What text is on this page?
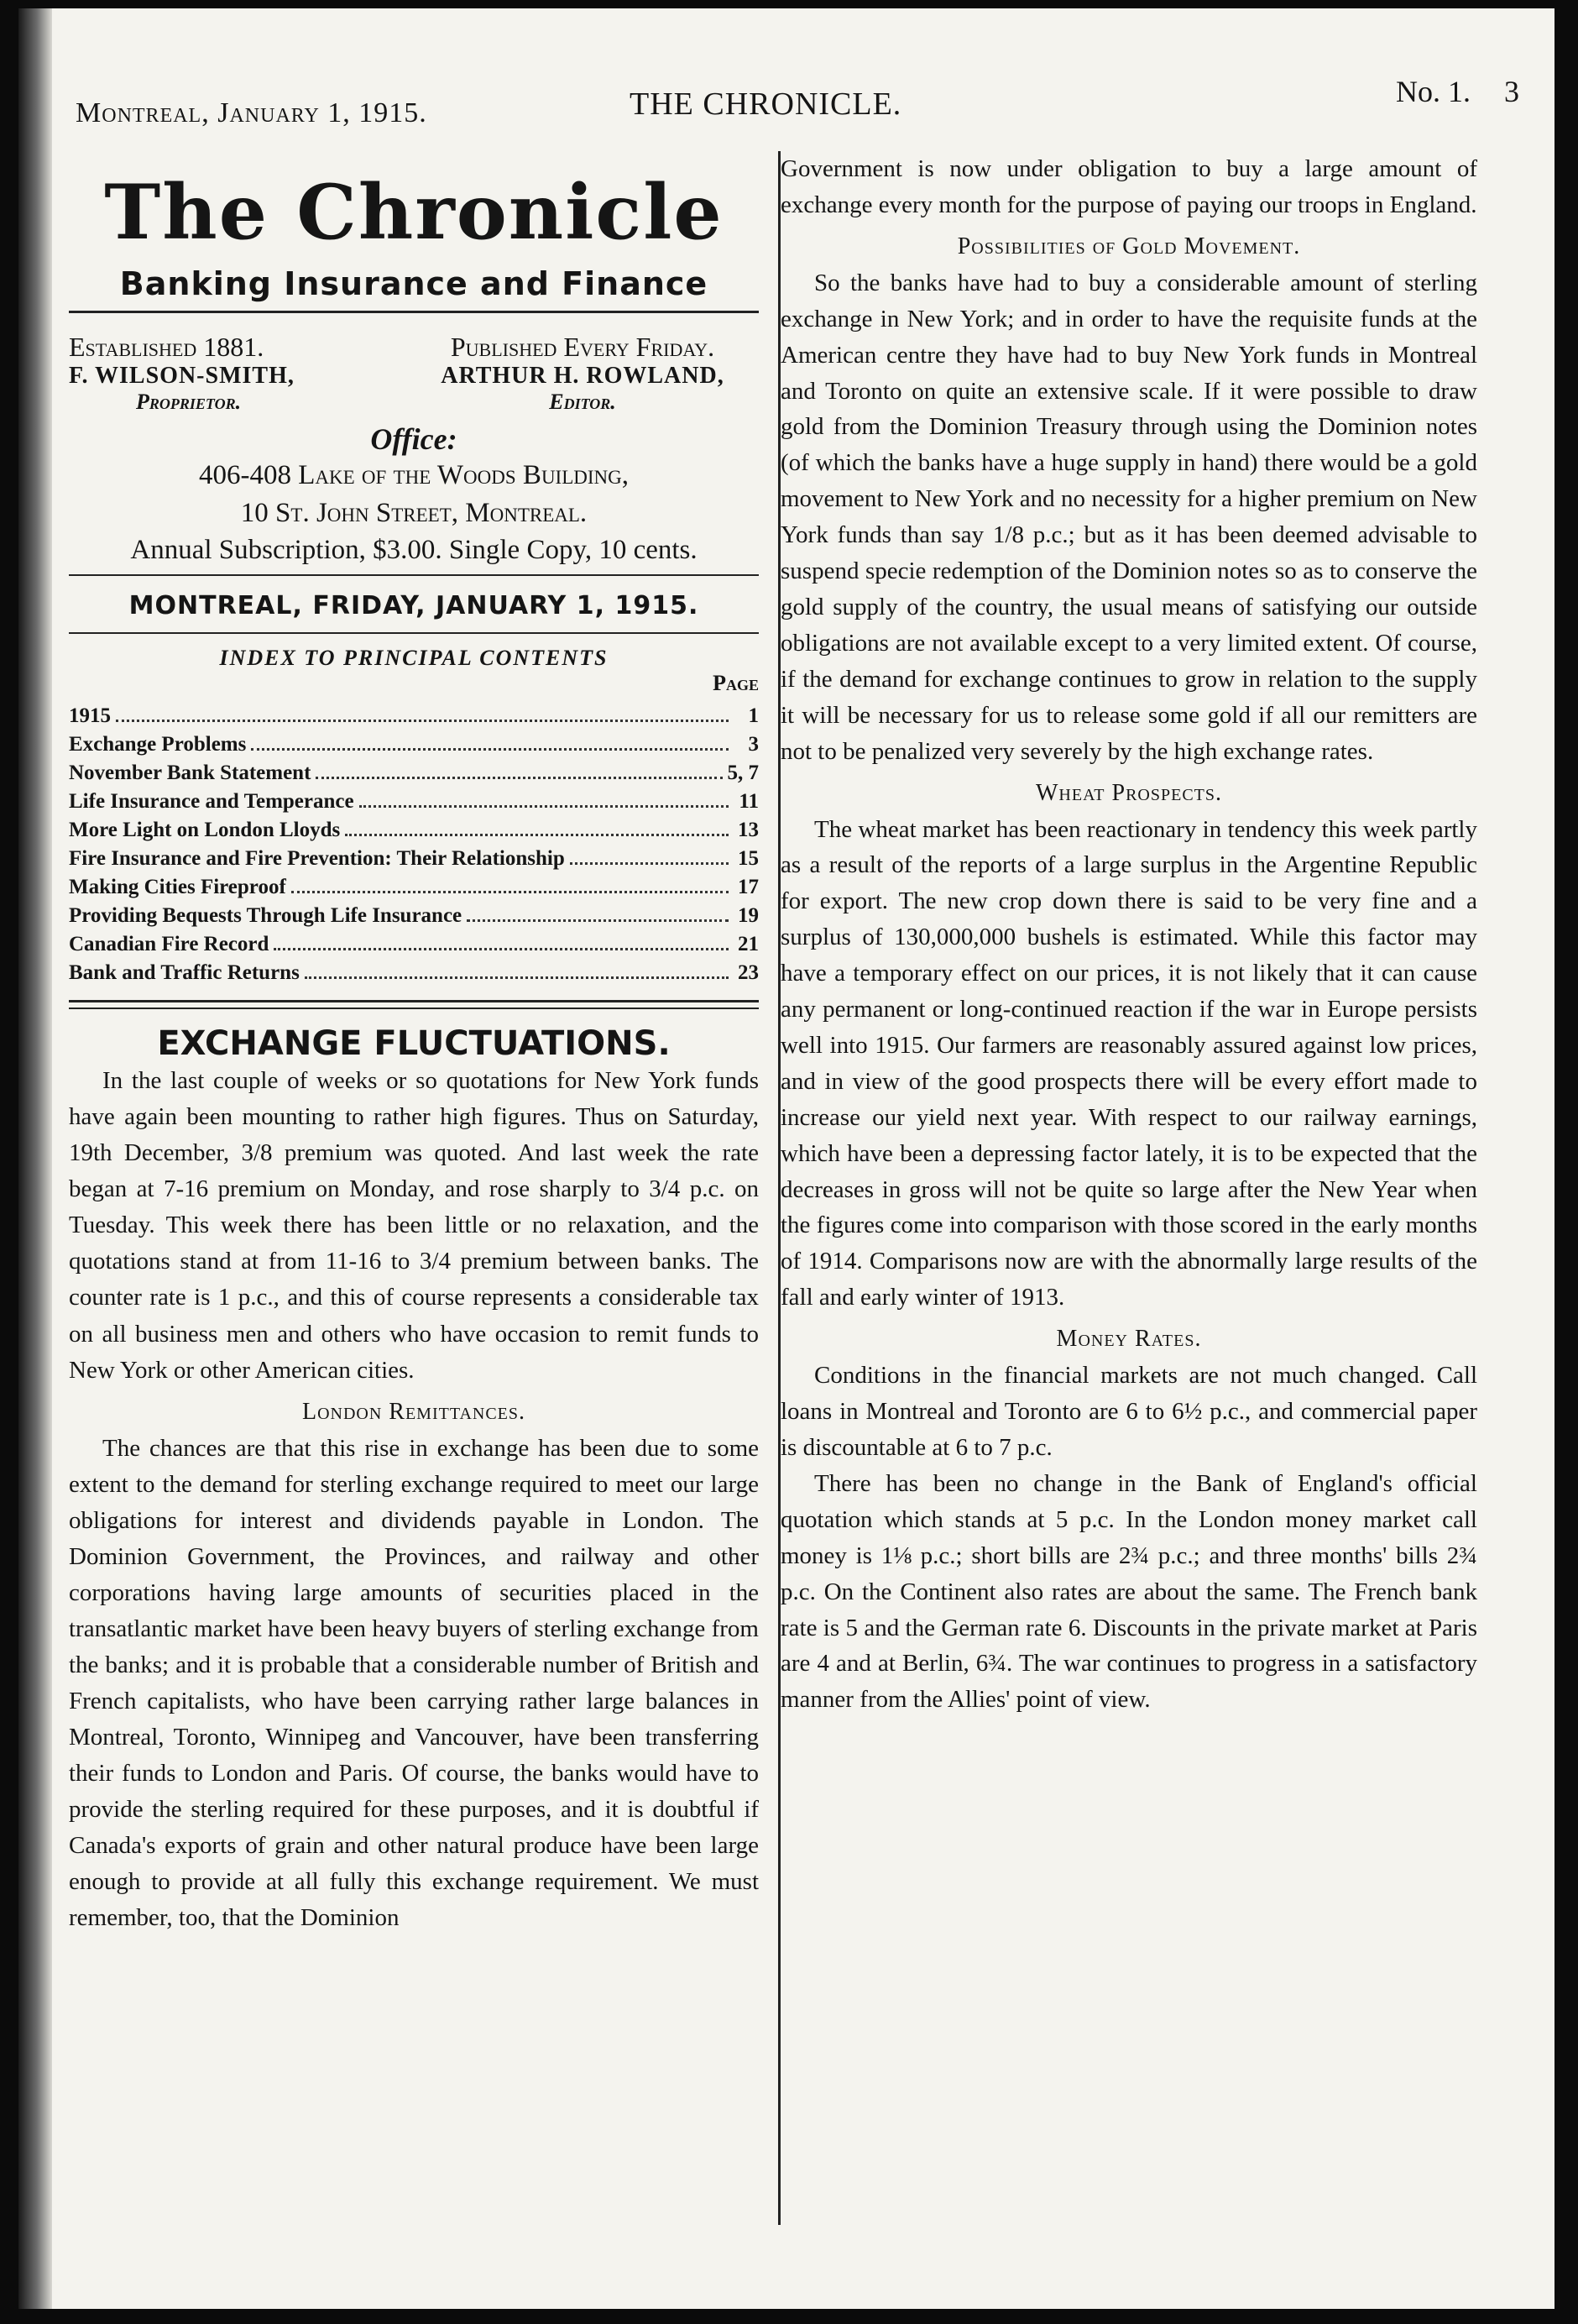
Montreal, January 1, 1915.	THE CHRONICLE.	No. 1. 3
The Chronicle
Banking Insurance and Finance
Established 1881.
F. WILSON-SMITH,
Proprietor.
Published Every Friday.
ARTHUR H. ROWLAND,
Editor.
Office:
406-408 Lake of the Woods Building,
10 St. John Street, Montreal.
Annual Subscription, $3.00. Single Copy, 10 cents.
MONTREAL, FRIDAY, JANUARY 1, 1915.
INDEX TO PRINCIPAL CONTENTS
Page
1915	1
Exchange Problems	3
November Bank Statement	5, 7
Life Insurance and Temperance	11
More Light on London Lloyds	13
Fire Insurance and Fire Prevention: Their Relationship	15
Making Cities Fireproof	17
Providing Bequests Through Life Insurance	19
Canadian Fire Record	21
Bank and Traffic Returns	23
EXCHANGE FLUCTUATIONS.

In the last couple of weeks or so quotations for New York funds have again been mounting to rather high figures. Thus on Saturday, 19th December, 3/8 premium was quoted. And last week the rate began at 7-16 premium on Monday, and rose sharply to 3/4 p.c. on Tuesday. This week there has been little or no relaxation, and the quotations stand at from 11-16 to 3/4 premium between banks. The counter rate is 1 p.c., and this of course represents a considerable tax on all business men and others who have occasion to remit funds to New York or other American cities.

London Remittances.

The chances are that this rise in exchange has been due to some extent to the demand for sterling exchange required to meet our large obligations for interest and dividends payable in London. The Dominion Government, the Provinces, and railway and other corporations having large amounts of securities placed in the transatlantic market have been heavy buyers of sterling exchange from the banks; and it is probable that a considerable number of British and French capitalists, who have been carrying rather large balances in Montreal, Toronto, Winnipeg and Vancouver, have been transferring their funds to London and Paris. Of course, the banks would have to provide the sterling required for these purposes, and it is doubtful if Canada's exports of grain and other natural produce have been large enough to provide at all fully this exchange requirement. We must remember, too, that the Dominion

Government is now under obligation to buy a large amount of exchange every month for the purpose of paying our troops in England.

Possibilities of Gold Movement.

So the banks have had to buy a considerable amount of sterling exchange in New York; and in order to have the requisite funds at the American centre they have had to buy New York funds in Montreal and Toronto on quite an extensive scale. If it were possible to draw gold from the Dominion Treasury through using the Dominion notes (of which the banks have a huge supply in hand) there would be a gold movement to New York and no necessity for a higher premium on New York funds than say 1/8 p.c.; but as it has been deemed advisable to suspend specie redemption of the Dominion notes so as to conserve the gold supply of the country, the usual means of satisfying our outside obligations are not available except to a very limited extent. Of course, if the demand for exchange continues to grow in relation to the supply it will be necessary for us to release some gold if all our remitters are not to be penalized very severely by the high exchange rates.

Wheat Prospects.

The wheat market has been reactionary in tendency this week partly as a result of the reports of a large surplus in the Argentine Republic for export. The new crop down there is said to be very fine and a surplus of 130,000,000 bushels is estimated. While this factor may have a temporary effect on our prices, it is not likely that it can cause any permanent or long-continued reaction if the war in Europe persists well into 1915. Our farmers are reasonably assured against low prices, and in view of the good prospects there will be every effort made to increase our yield next year. With respect to our railway earnings, which have been a depressing factor lately, it is to be expected that the decreases in gross will not be quite so large after the New Year when the figures come into comparison with those scored in the early months of 1914. Comparisons now are with the abnormally large results of the fall and early winter of 1913.

Money Rates.

Conditions in the financial markets are not much changed. Call loans in Montreal and Toronto are 6 to 6½ p.c., and commercial paper is discountable at 6 to 7 p.c.

There has been no change in the Bank of England's official quotation which stands at 5 p.c. In the London money market call money is 1⅛ p.c.; short bills are 2¾ p.c.; and three months' bills 2¾ p.c. On the Continent also rates are about the same. The French bank rate is 5 and the German rate 6. Discounts in the private market at Paris are 4 and at Berlin, 6¾. The war continues to progress in a satisfactory manner from the Allies' point of view.
